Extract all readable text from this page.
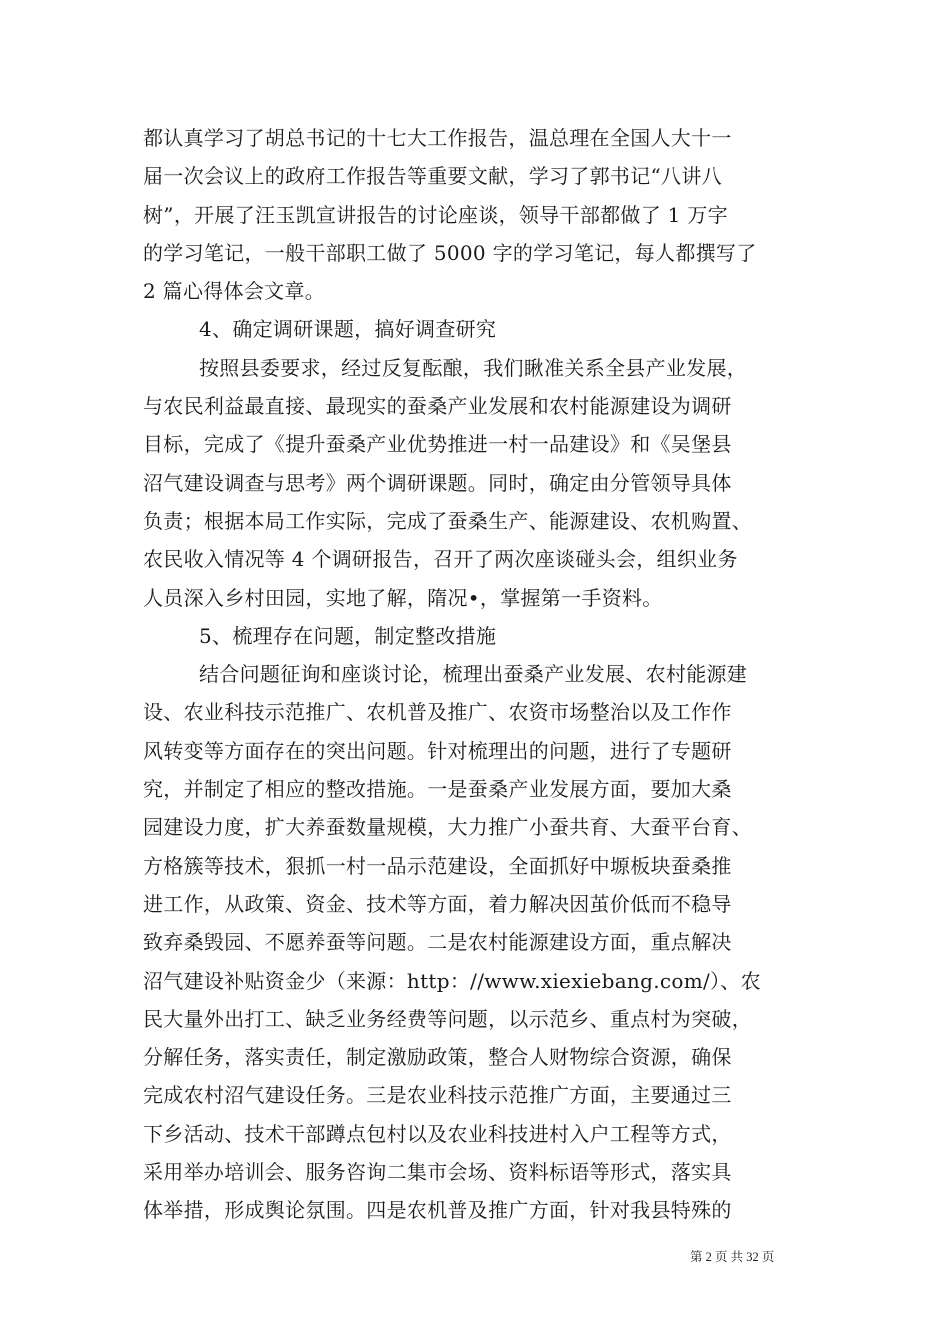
都认真学习了胡总书记的十七大工作报告，温总理在全国人大十一
届一次会议上的政府工作报告等重要文献，学习了郭书记“八讲八
树”，开展了汪玉凯宣讲报告的讨论座谈，领导干部都做了 1 万字
的学习笔记，一般干部职工做了 5000 字的学习笔记，每人都撰写了
2 篇心得体会文章。
4、确定调研课题，搞好调查研究
按照县委要求，经过反复酝酿，我们瞅准关系全县产业发展，
与农民利益最直接、最现实的蚕桑产业发展和农村能源建设为调研
目标，完成了《提升蚕桑产业优势推进一村一品建设》和《吴堡县
沼气建设调查与思考》两个调研课题。同时，确定由分管领导具体
负责；根据本局工作实际，完成了蚕桑生产、能源建设、农机购置、
农民收入情况等 4 个调研报告，召开了两次座谈碰头会，组织业务
人员深入乡村田园，实地了解，隋况•，掌握第一手资料。
5、梳理存在问题，制定整改措施
结合问题征询和座谈讨论，梳理出蚕桑产业发展、农村能源建
设、农业科技示范推广、农机普及推广、农资市场整治以及工作作
风转变等方面存在的突出问题。针对梳理出的问题，进行了专题研
究，并制定了相应的整改措施。一是蚕桑产业发展方面，要加大桑
园建设力度，扩大养蚕数量规模，大力推广小蚕共育、大蚕平台育、
方格簇等技术，狠抓一村一品示范建设，全面抓好中塬板块蚕桑推
进工作，从政策、资金、技术等方面，着力解决因茧价低而不稳导
致弃桑毁园、不愿养蚕等问题。二是农村能源建设方面，重点解决
沼气建设补贴资金少（来源：http：//www.xiexiebang.com/）、农
民大量外出打工、缺乏业务经费等问题，以示范乡、重点村为突破，
分解任务，落实责任，制定激励政策，整合人财物综合资源，确保
完成农村沼气建设任务。三是农业科技示范推广方面，主要通过三
下乡活动、技术干部蹲点包村以及农业科技进村入户工程等方式，
采用举办培训会、服务咨询二集市会场、资料标语等形式，落实具
体举措，形成舆论氛围。四是农机普及推广方面，针对我县特殊的
第 2 页 共 32 页
